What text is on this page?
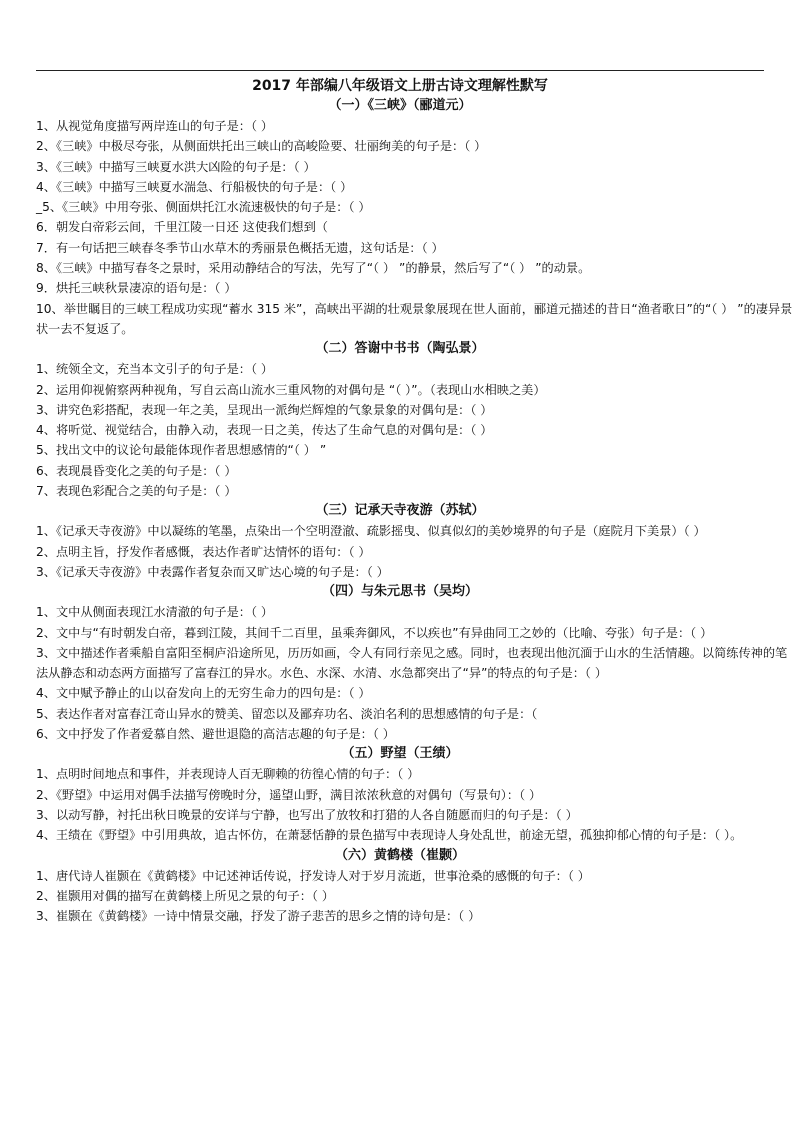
2017 年部编八年级语文上册古诗文理解性默写
（一）《三峡》（郦道元）

1、从视觉角度描写两岸连山的句子是：（ ）

2、《三峡》中极尽夸张，从侧面烘托出三峡山的高峻险要、壮丽绚美的句子是：（ ）

3、《三峡》中描写三峡夏水洪大凶险的句子是：（ ）

4、《三峡》中描写三峡夏水湍急、行船极快的句子是：（ ）

_5、《三峡》中用夸张、侧面烘托江水流速极快的句子是：（ ）

6．朝发白帝彩云间，千里江陵一日还 这使我们想到（

7．有一句话把三峡春冬季节山水草木的秀丽景色概括无遗，这句话是：（ ）

8、《三峡》中描写春冬之景时，采用动静结合的写法，先写了“（ ） ”的静景，然后写了“（ ） ”的动景。

9．烘托三峡秋景凄凉的语句是：（ ）

10、举世瞩目的三峡工程成功实现“蓄水 315 米”，高峡出平湖的壮观景象展现在世人面前，郦道元描述的昔日“渔者歌日”的“（ ） ”的凄异景状一去不复返了。

（二）答谢中书书（陶弘景）

1、统领全文，充当本文引子的句子是：（ ）

2、运用仰视俯察两种视角，写自云高山流水三重风物的对偶句是 “（ ）”。（表现山水相映之美）

3、讲究色彩搭配，表现一年之美，呈现出一派绚烂辉煌的气象景象的对偶句是：（ ）

4、将听觉、视觉结合，由静入动，表现一日之美，传达了生命气息的对偶句是：（ ）

5、找出文中的议论句最能体现作者思想感情的“（ ） ”

6、表现晨昏变化之美的句子是：（ ）

7、表现色彩配合之美的句子是：（ ）

（三）记承天寺夜游（苏轼）

1、《记承天寺夜游》中以凝练的笔墨，点染出一个空明澄澈、疏影摇曳、似真似幻的美妙境界的句子是（庭院月下美景）（ ）

2、点明主旨，抒发作者感慨，表达作者旷达情怀的语句：（ ）

3、《记承天寺夜游》中表露作者复杂而又旷达心境的句子是：（ ）

（四）与朱元思书（吴均）

1、文中从侧面表现江水清澈的句子是：（ ）

2、文中与“有时朝发白帝，暮到江陵，其间千二百里，虽乘奔御风，不以疾也”有异曲同工之妙的（比喻、夸张）句子是：（ ）

3、文中描述作者乘船自富阳至桐庐沿途所见，历历如画，令人有同行亲见之感。同时，也表现出他沉湎于山水的生活情趣。以简练传神的笔法从静态和动态两方面描写了富春江的异水。水色、水深、水清、水急都突出了“异”的特点的句子是：（ ）

4、文中赋予静止的山以奋发向上的无穷生命力的四句是：（ ）

5、表达作者对富春江奇山异水的赞美、留恋以及鄙弃功名、淡泊名利的思想感情的句子是：（

6、文中抒发了作者爱慕自然、避世退隐的高洁志趣的句子是：（ ）

（五）野望（王绩）

1、点明时间地点和事件，并表现诗人百无聊赖的彷徨心情的句子：（ ）

2、《野望》中运用对偶手法描写傍晚时分，遥望山野，满目浓浓秋意的对偶句（写景句）：（ ）

3、以动写静，衬托出秋日晚景的安详与宁静，也写出了放牧和打猎的人各自随愿而归的句子是：（ ）

4、王绩在《野望》中引用典故，追古怀仿，在萧瑟恬静的景色描写中表现诗人身处乱世，前途无望，孤独抑郁心情的句子是：（ ）。

（六）黄鹤楼（崔颢）

1、唐代诗人崔颢在《黄鹤楼》中记述神话传说，抒发诗人对于岁月流逝，世事沧桑的感慨的句子：（ ）

2、崔颢用对偶的描写在黄鹤楼上所见之景的句子：（ ）

3、崔颢在《黄鹤楼》一诗中情景交融，抒发了游子悲苦的思乡之情的诗句是：（ ）
